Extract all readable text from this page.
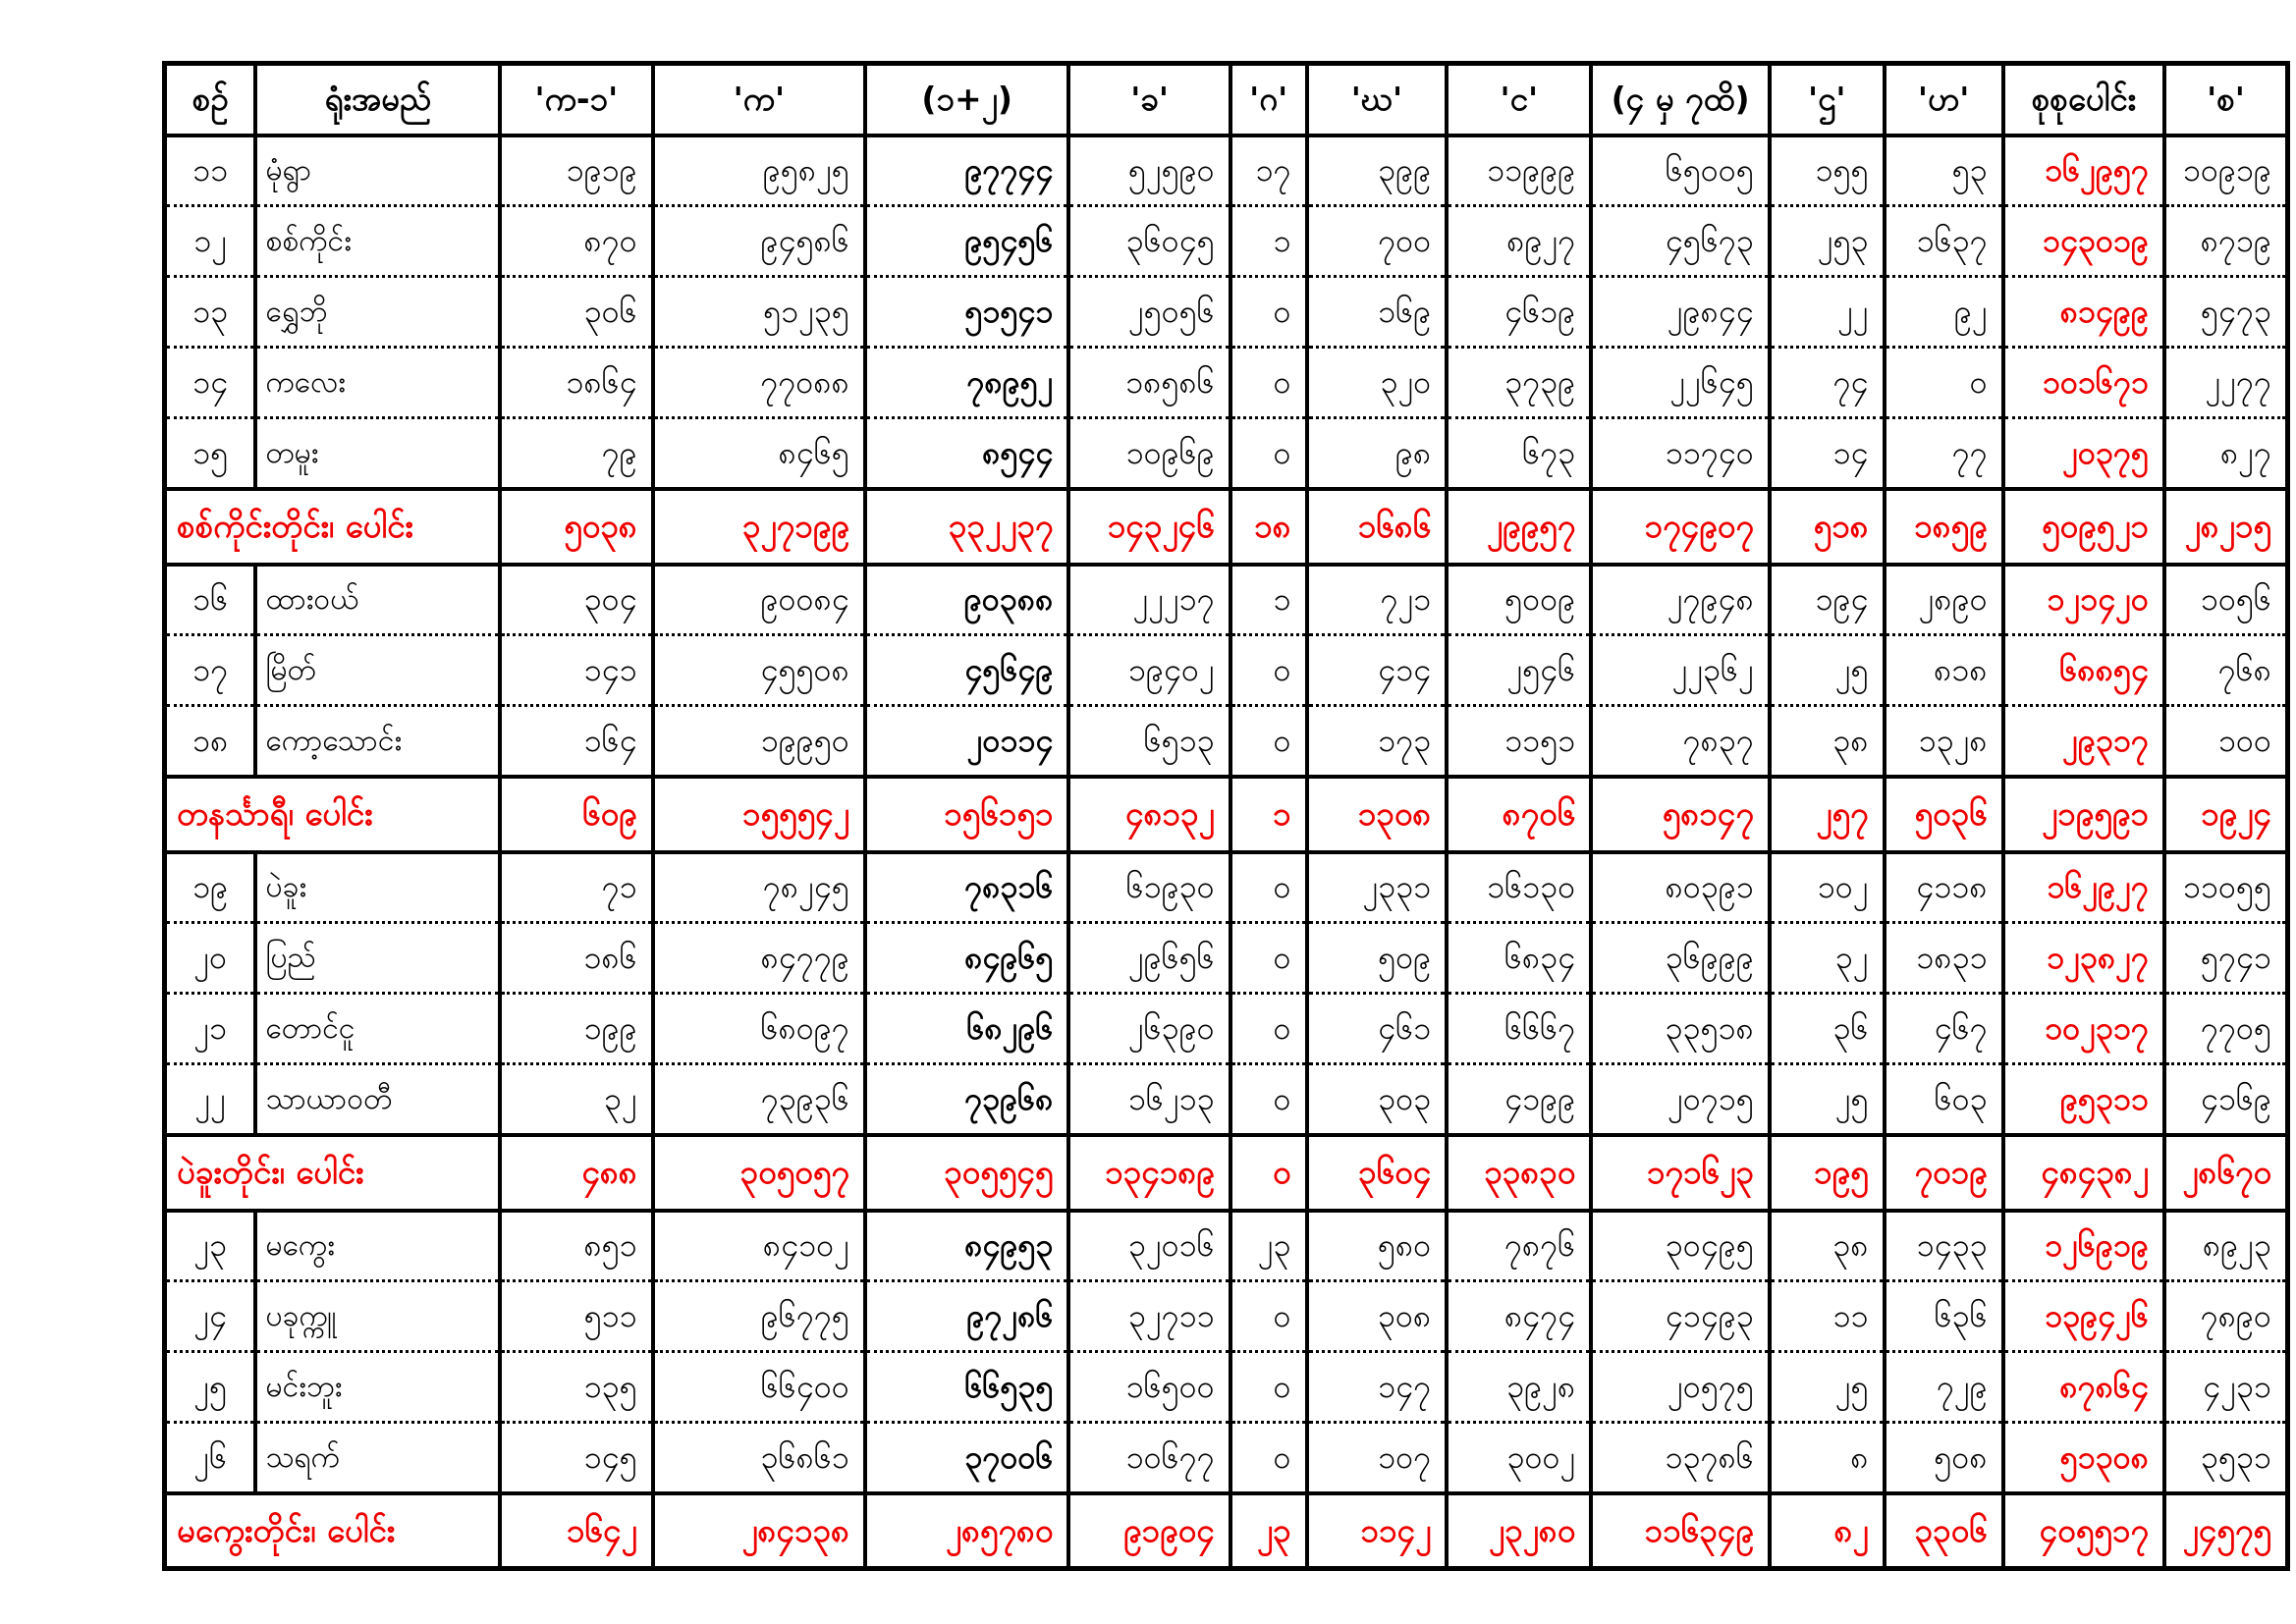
စဉ်	ရုံးအမည်	'က-၁'	'က'	(၁+၂)	'ခ'	'ဂ'	'ဃ'	'င'	(၄ မှ ၇ထိ)	'ဌ'	'ဟ'	စုစုပေါင်း	'စ'
၁၁	မုံရွာ	၁၉၁၉	၉၅၈၂၅	၉၇၇၄၄	၅၂၅၉၀	၁၇	၃၉၉	၁၁၉၉၉	၆၅၀၀၅	၁၅၅	၅၃	၁၆၂၉၅၇	၁၀၉၁၉
၁၂	စစ်ကိုင်း	၈၇၀	၉၄၅၈၆	၉၅၄၅၆	၃၆၀၄၅	၁	၇၀၀	၈၉၂၇	၄၅၆၇၃	၂၅၃	၁၆၃၇	၁၄၃၀၁၉	၈၇၁၉
၁၃	ရွှေဘို	၃၀၆	၅၁၂၃၅	၅၁၅၄၁	၂၅၀၅၆	၀	၁၆၉	၄၆၁၉	၂၉၈၄၄	၂၂	၉၂	၈၁၄၉၉	၅၄၇၃
၁၄	ကလေး	၁၈၆၄	၇၇၀၈၈	၇၈၉၅၂	၁၈၅၈၆	၀	၃၂၀	၃၇၃၉	၂၂၆၄၅	၇၄	၀	၁၀၁၆၇၁	၂၂၇၇
၁၅	တမူး	၇၉	၈၄၆၅	၈၅၄၄	၁၀၉၆၉	၀	၉၈	၆၇၃	၁၁၇၄၀	၁၄	၇၇	၂၀၃၇၅	၈၂၇
စစ်ကိုင်းတိုင်း၊ ပေါင်း		၅၀၃၈	၃၂၇၁၉၉	၃၃၂၂၃၇	၁၄၃၂၄၆	၁၈	၁၆၈၆	၂၉၉၅၇	၁၇၄၉၀၇	၅၁၈	၁၈၅၉	၅၀၉၅၂၁	၂၈၂၁၅
၁၆	ထားဝယ်	၃၀၄	၉၀၀၈၄	၉၀၃၈၈	၂၂၂၁၇	၁	၇၂၁	၅၀၀၉	၂၇၉၄၈	၁၉၄	၂၈၉၀	၁၂၁၄၂၀	၁၀၅၆
၁၇	မြိတ်	၁၄၁	၄၅၅၀၈	၄၅၆၄၉	၁၉၄၀၂	၀	၄၁၄	၂၅၄၆	၂၂၃၆၂	၂၅	၈၁၈	၆၈၈၅၄	၇၆၈
၁၈	ကော့သောင်း	၁၆၄	၁၉၉၅၀	၂၀၁၁၄	၆၅၁၃	၀	၁၇၃	၁၁၅၁	၇၈၃၇	၃၈	၁၃၂၈	၂၉၃၁၇	၁၀၀
တနင်္သာရီ၊ ပေါင်း		၆၀၉	၁၅၅၅၄၂	၁၅၆၁၅၁	၄၈၁၃၂	၁	၁၃၀၈	၈၇၀၆	၅၈၁၄၇	၂၅၇	၅၀၃၆	၂၁၉၅၉၁	၁၉၂၄
၁၉	ပဲခူး	၇၁	၇၈၂၄၅	၇၈၃၁၆	၆၁၉၃၀	၀	၂၃၃၁	၁၆၁၃၀	၈၀၃၉၁	၁၀၂	၄၁၁၈	၁၆၂၉၂၇	၁၁၀၅၅
၂၀	ပြည်	၁၈၆	၈၄၇၇၉	၈၄၉၆၅	၂၉၆၅၆	၀	၅၀၉	၆၈၃၄	၃၆၉၉၉	၃၂	၁၈၃၁	၁၂၃၈၂၇	၅၇၄၁
၂၁	တောင်ငူ	၁၉၉	၆၈၀၉၇	၆၈၂၉၆	၂၆၃၉၀	၀	၄၆၁	၆၆၆၇	၃၃၅၁၈	၃၆	၄၆၇	၁၀၂၃၁၇	၇၇၀၅
၂၂	သာယာဝတီ	၃၂	၇၃၉၃၆	၇၃၉၆၈	၁၆၂၁၃	၀	၃၀၃	၄၁၉၉	၂၀၇၁၅	၂၅	၆၀၃	၉၅၃၁၁	၄၁၆၉
ပဲခူးတိုင်း၊ ပေါင်း		၄၈၈	၃၀၅၀၅၇	၃၀၅၅၄၅	၁၃၄၁၈၉	၀	၃၆၀၄	၃၃၈၃၀	၁၇၁၆၂၃	၁၉၅	၇၀၁၉	၄၈၄၃၈၂	၂၈၆၇၀
၂၃	မကွေး	၈၅၁	၈၄၁၀၂	၈၄၉၅၃	၃၂၀၁၆	၂၃	၅၈၀	၇၈၇၆	၃၀၄၉၅	၃၈	၁၄၃၃	၁၂၆၉၁၉	၈၉၂၃
၂၄	ပခုက္ကူ	၅၁၁	၉၆၇၇၅	၉၇၂၈၆	၃၂၇၁၁	၀	၃၀၈	၈၄၇၄	၄၁၄၉၃	၁၁	၆၃၆	၁၃၉၄၂၆	၇၈၉၀
၂၅	မင်းဘူး	၁၃၅	၆၆၄၀၀	၆၆၅၃၅	၁၆၅၀၀	၀	၁၄၇	၃၉၂၈	၂၀၅၇၅	၂၅	၇၂၉	၈၇၈၆၄	၄၂၃၁
၂၆	သရက်	၁၄၅	၃၆၈၆၁	၃၇၀၀၆	၁၀၆၇၇	၀	၁၀၇	၃၀၀၂	၁၃၇၈၆	၈	၅၀၈	၅၁၃၀၈	၃၅၃၁
မကွေးတိုင်း၊ ပေါင်း		၁၆၄၂	၂၈၄၁၃၈	၂၈၅၇၈၀	၉၁၉၀၄	၂၃	၁၁၄၂	၂၃၂၈၀	၁၁၆၃၄၉	၈၂	၃၃၀၆	၄၀၅၅၁၇	၂၄၅၇၅
